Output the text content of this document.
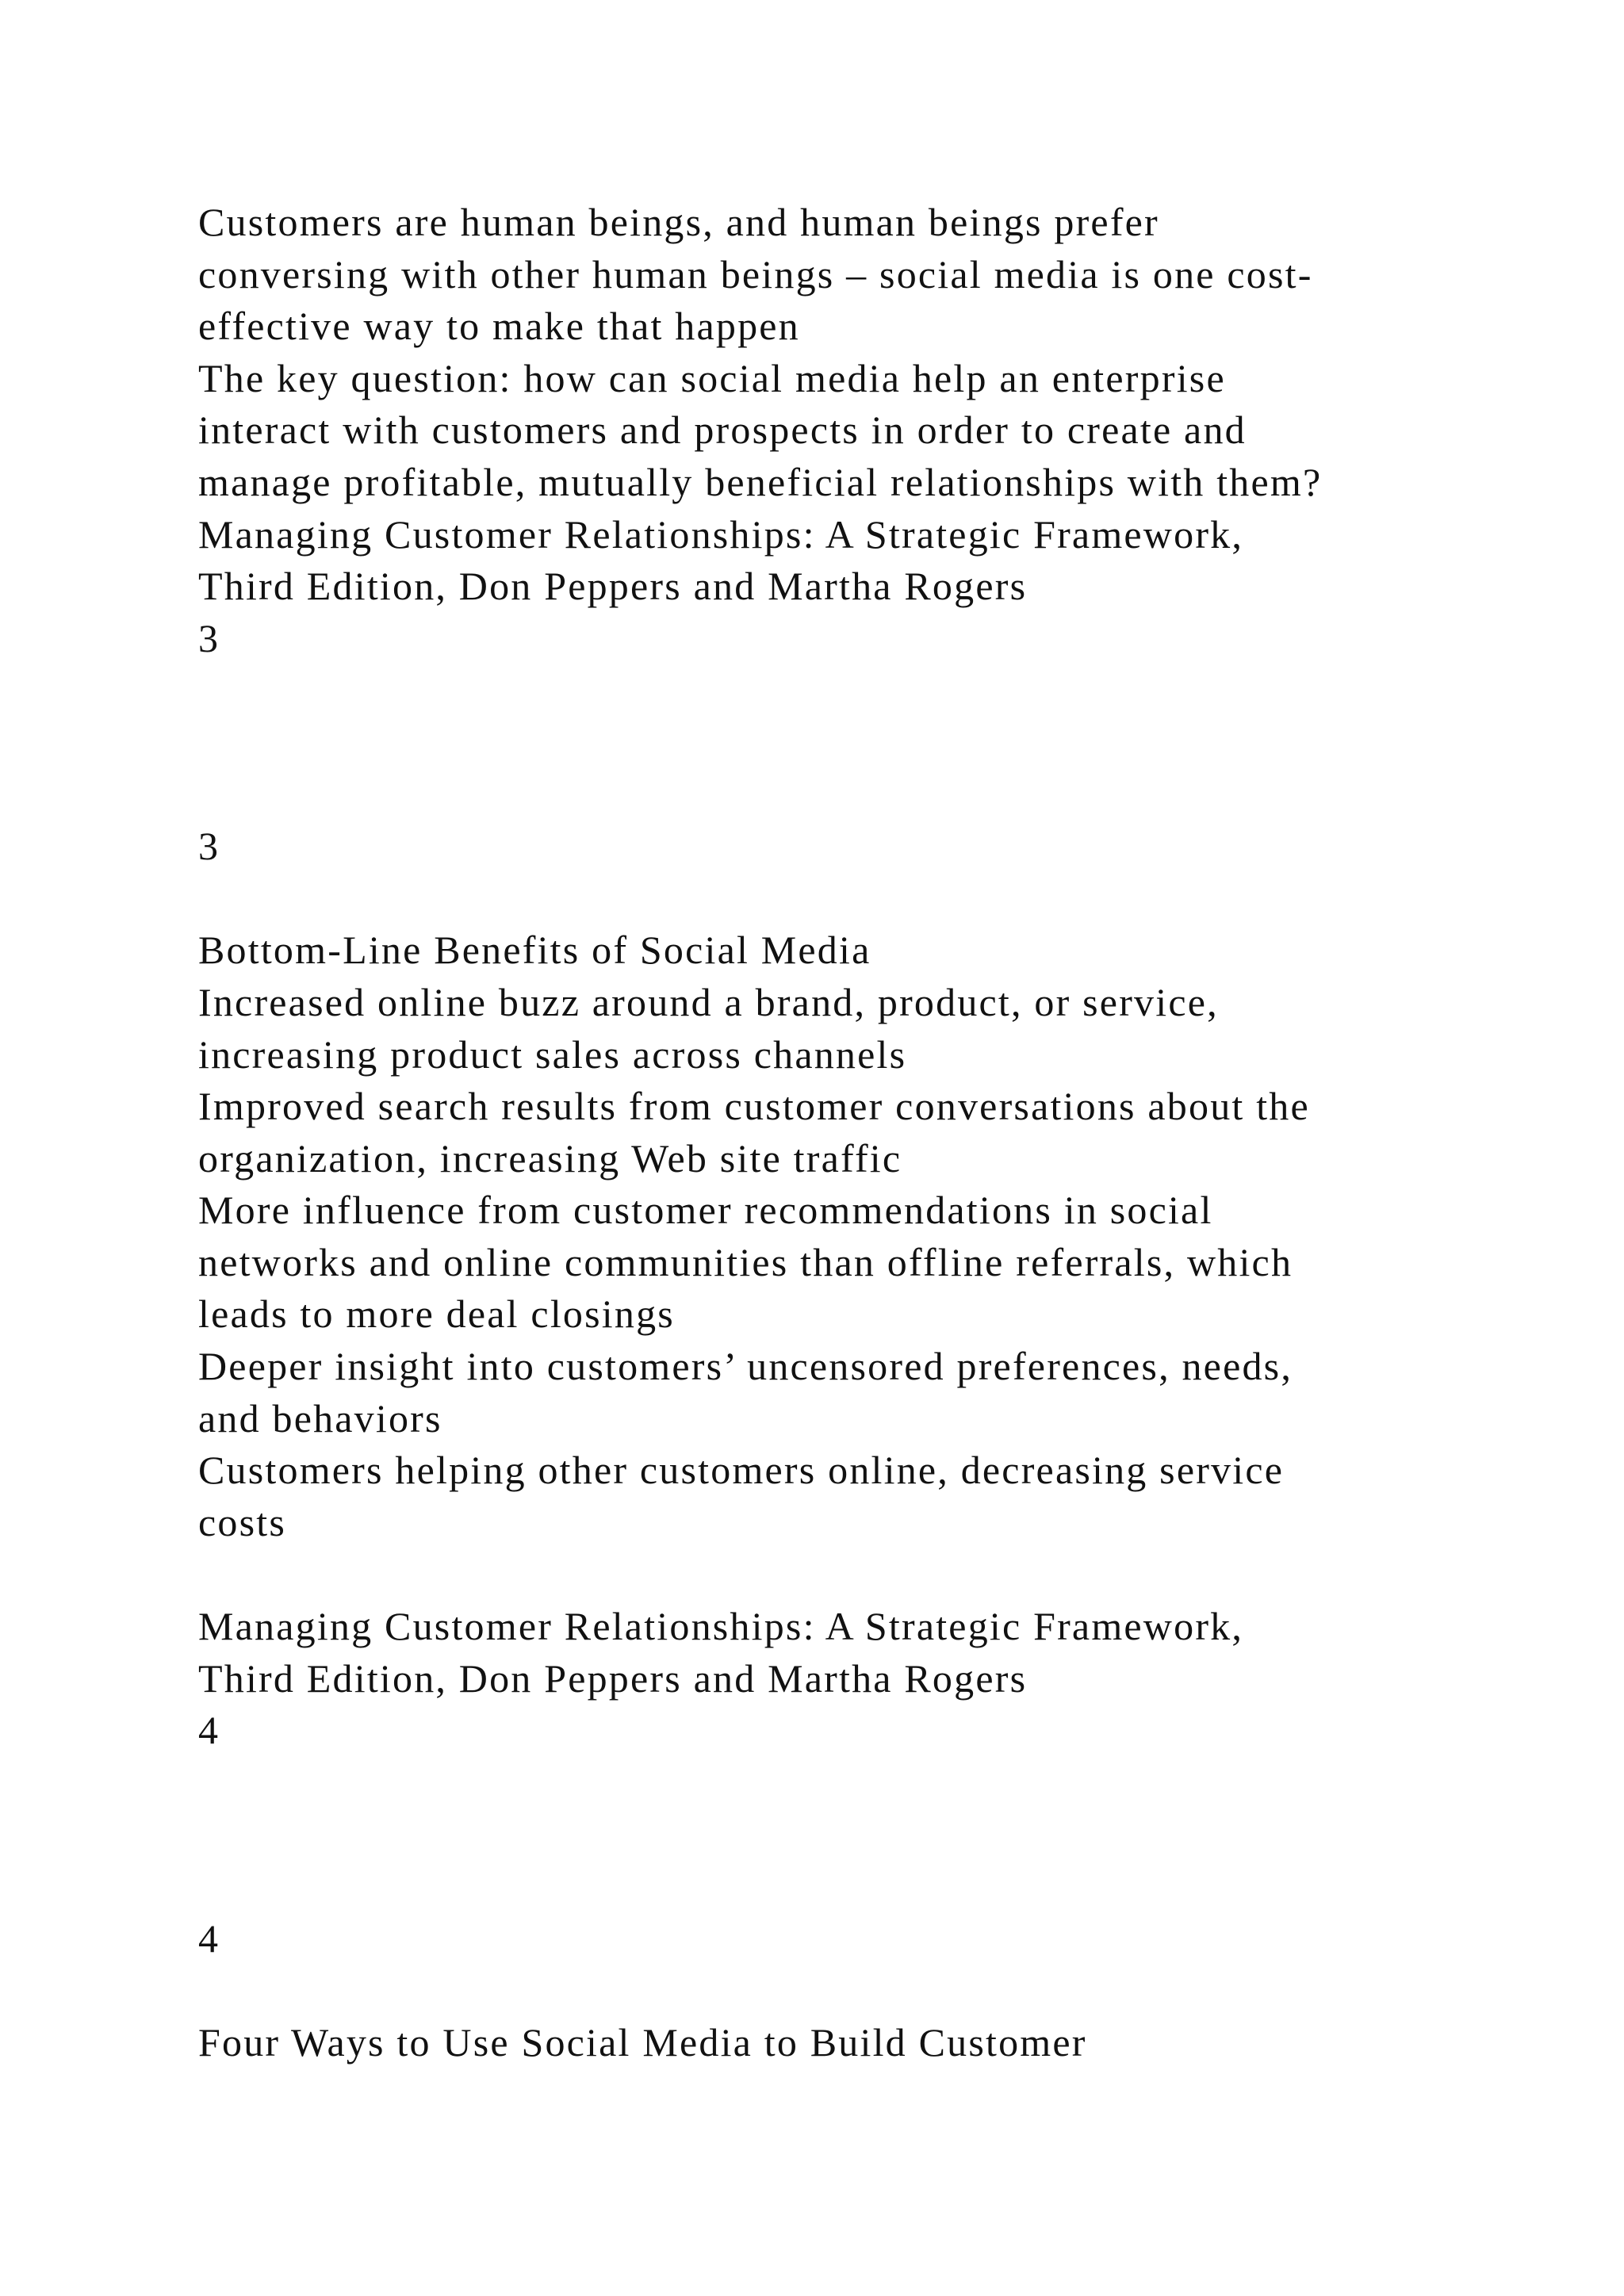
Customers are human beings, and human beings prefer
conversing with other human beings – social media is one cost-
effective way to make that happen
The key question: how can social media help an enterprise
interact with customers and prospects in order to create and
manage profitable, mutually beneficial relationships with them?
Managing Customer Relationships: A Strategic Framework,
Third Edition, Don Peppers and Martha Rogers
3
3
Bottom-Line Benefits of Social Media
Increased online buzz around a brand, product, or service,
increasing product sales across channels
Improved search results from customer conversations about the
organization, increasing Web site traffic
More influence from customer recommendations in social
networks and online communities than offline referrals, which
leads to more deal closings
Deeper insight into customers’ uncensored preferences, needs,
and behaviors
Customers helping other customers online, decreasing service
costs
Managing Customer Relationships: A Strategic Framework,
Third Edition, Don Peppers and Martha Rogers
4
4
Four Ways to Use Social Media to Build Customer
